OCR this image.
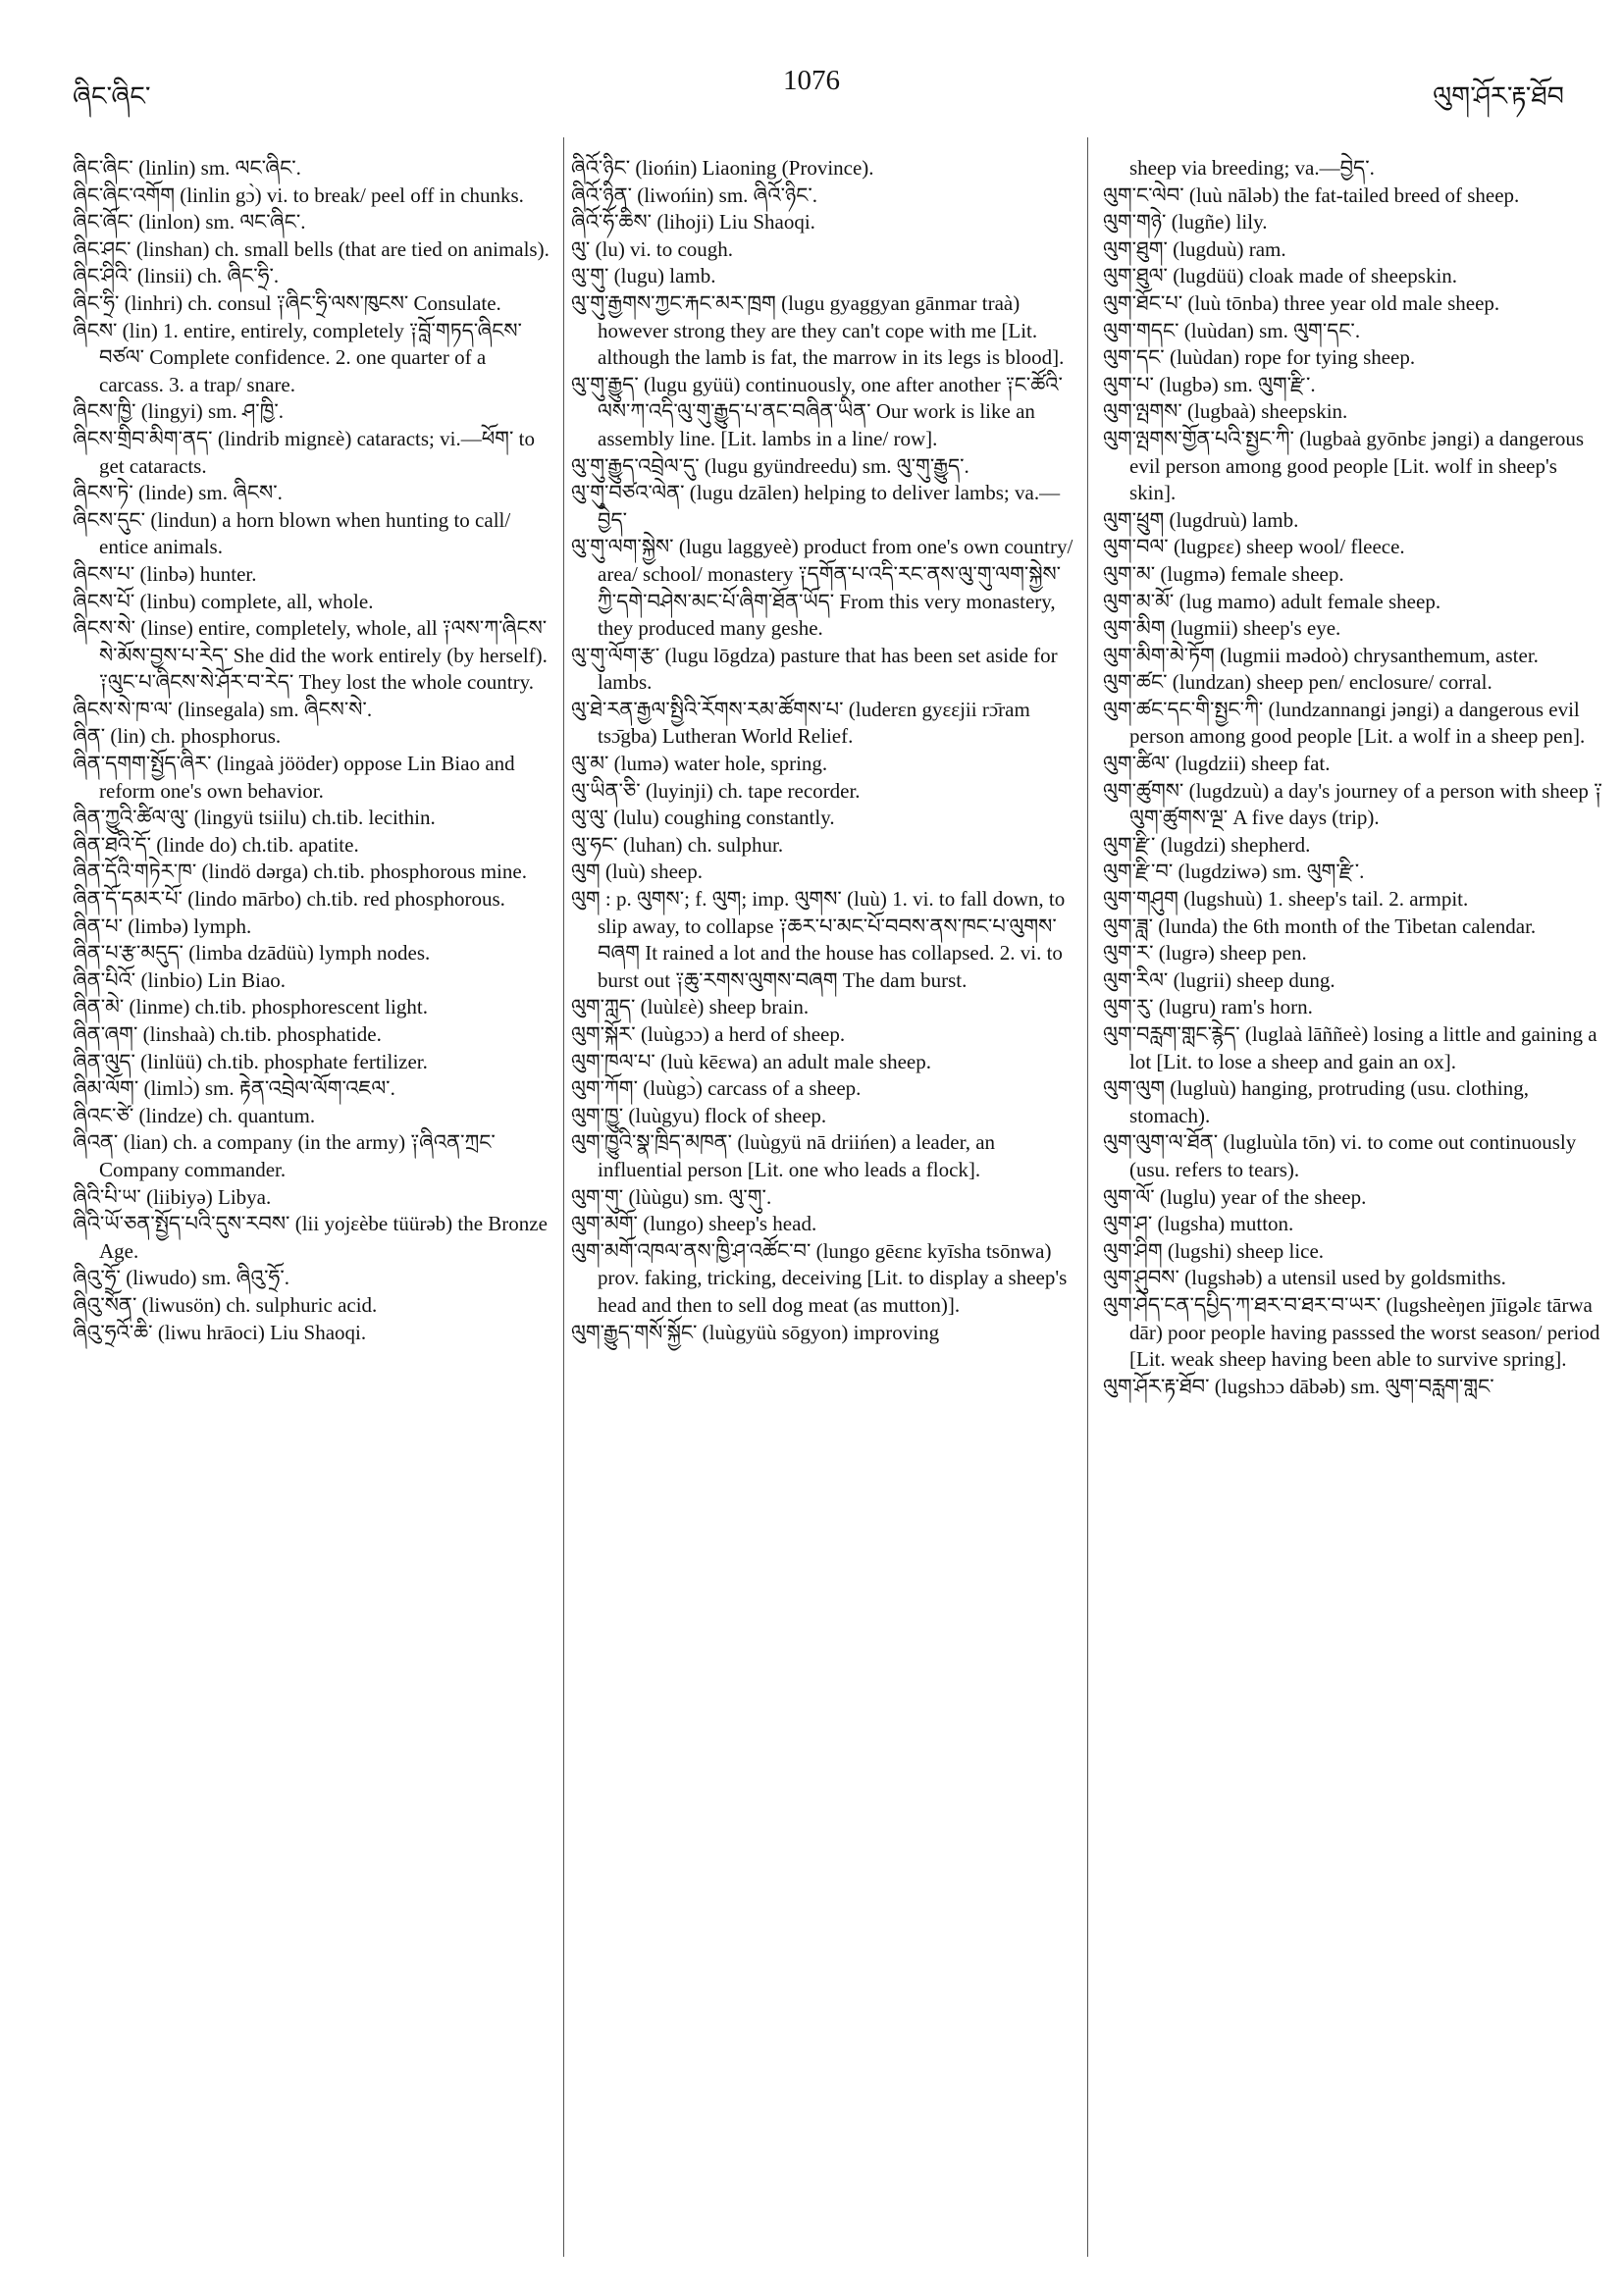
ཞིང་ཞིང་	1076	ལུག་ཤོར་རྟ་ཐོབ
ཞིང་ཞིང་ (linlin) sm. ལང་ཞིང་.
ཞིང་ཞིང་འགོག (linlin gɔ̀) vi. to break/ peel off in chunks.
ཞིང་ཞོང་ (linlon) sm. ལང་ཞིང་.
ཞིང་ཤང་ (linshan) ch. small bells (that are tied on animals).
ཞིང་ཤིའི་ (linsii) ch. ཞིང་ཧྲི་.
ཞིང་ཧྲི་ (linhri) ch. consul ༑ཞིང་ཧྲི་ལས་ཁུངས་ Consulate.
ཞིངས་ (lin) 1. entire, entirely, completely ༑བློ་གཏད་ཞིངས་བཙལ་ Complete confidence. 2. one quarter of a carcass. 3. a trap/ snare.
ཞིངས་ཁྱི་ (lingyi) sm. ཤ་ཁྱི་.
ཞིངས་གྲིབ་མིག་ནད་ (lindrib mignɛè) cataracts; vi.—ཕོག་ to get cataracts.
ཞིངས་ཏེ་ (linde) sm. ཞིངས་.
ཞིངས་དུང་ (lindun) a horn blown when hunting to call/ entice animals.
ཞིངས་པ་ (linbə) hunter.
ཞིངས་པོ་ (linbu) complete, all, whole.
ཞིངས་སེ་ (linse) entire, completely, whole, all ༑ལས་ཀ་ཞིངས་སེ་མོས་བྱས་པ་རེད་ She did the work entirely (by herself). ༑ལུང་པ་ཞིངས་སེ་ཤོར་བ་རེད་ They lost the whole country.
ཞིངས་སེ་ཁ་ལ་ (linsegala) sm. ཞིངས་སེ་.
ཞིན་ (lin) ch. phosphorus.
ཞིན་དགག་སྤྱོད་ཞིར་ (lingaà jööder) oppose Lin Biao and reform one's own behavior.
ཞིན་ཀྱུའི་ཚིལ་ལུ་ (lingyü tsiilu) ch.tib. lecithin.
ཞིན་ཐའི་དོ་ (linde do) ch.tib. apatite.
ཞིན་དོའི་གཏེར་ཁ་ (lindö dərga) ch.tib. phosphorous mine.
ཞིན་དོ་དམར་པོ་ (lindo mārbo) ch.tib. red phosphorous.
ཞིན་པ་ (limbə) lymph.
ཞིན་པ་རྩ་མདུད་ (limba dzādüù) lymph nodes.
ཞིན་པིའོ་ (linbio) Lin Biao.
ཞིན་མེ་ (linme) ch.tib. phosphorescent light.
ཞིན་ཞག་ (linshaà) ch.tib. phosphatide.
ཞིན་ལུད་ (linlüü) ch.tib. phosphate fertilizer.
ཞིམ་ལོག་ (limlɔ̀) sm. རྟེན་འབྲེལ་ལོག་འཇལ་.
ཞིའང་ཙེ་ (lindze) ch. quantum.
ཞིའན་ (lian) ch. a company (in the army) ༑ཞིའན་ཀྲང་ Company commander.
ཞིའི་པི་ཡ་ (liibiyə) Libya.
ཞིའི་ཡོ་ཅན་སྤྱོད་པའི་དུས་རབས་ (lii yojɛèbe tüürəb) the Bronze Age.
ཞིའུ་ཧྲོ་ (liwudo) sm. ཞིའུ་ཧྲོ་.
ཞིའུ་སོན་ (liwusön) ch. sulphuric acid.
ཞིའུ་ཧྲའོ་ཆི་ (liwu hrāoci) Liu Shaoqi.
ཞིའོ་ཉིང་ (liońin) Liaoning (Province).
ཞིའོ་ཉིན་ (liwońin) sm. ཞིའོ་ཉིང་.
ཞིའོ་ཧོ་ཆིས་ (lihoji) Liu Shaoqi.
ལུ་ (lu) vi. to cough.
ལུ་གུ་ (lugu) lamb.
ལུ་གུ་རྒྱགས་ཀྱང་རྐང་མར་ཁྲག (lugu gyaggyan gānmar traà) however strong they are they can't cope with me [Lit. although the lamb is fat, the marrow in its legs is blood].
ལུ་གུ་རྒྱུད་ (lugu gyüü) continuously, one after another ༑ང་ཚོའི་ལས་ཀ་འདི་ལུ་གུ་རྒྱུད་པ་ནང་བཞིན་ཡིན་ Our work is like an assembly line. [Lit. lambs in a line/ row].
ལུ་གུ་རྒྱུད་འབྲེལ་དུ་ (lugu gyündreedu) sm. ལུ་གུ་རྒྱུད་.
ལུ་གུ་བཙའ་ལེན་ (lugu dzālen) helping to deliver lambs; va.—བྱེད་
ལུ་གུ་ལག་སྐྱེས་ (lugu laggyeè) product from one's own country/ area/ school/ monastery ༑དགོན་པ་འདི་རང་ནས་ལུ་གུ་ལག་སྐྱེས་ཀྱི་དགེ་བཤེས་མང་པོ་ཞིག་ཐོན་ཡོད་ From this very monastery, they produced many geshe.
ལུ་གུ་ལོག་རྩ་ (lugu lōgdza) pasture that has been set aside for lambs.
ལུ་ཐེ་རན་རྒྱལ་སྤྱིའི་རོགས་རམ་ཚོགས་པ་ (luderɛn gyɛɛjii rɔ̄ram tsɔ̄gba) Lutheran World Relief.
ལུ་མ་ (lumə) water hole, spring.
ལུ་ཡིན་ཅི་ (luyinji) ch. tape recorder.
ལུ་ལུ་ (lulu) coughing constantly.
ལུ་ཧང་ (luhan) ch. sulphur.
ལུག (luù) sheep.
ལུག : p. ལུགས་; f. ལུག; imp. ལུགས་ (luù) 1. vi. to fall down, to slip away, to collapse ༑ཆར་པ་མང་པོ་བབས་ནས་ཁང་པ་ལུགས་བཞག It rained a lot and the house has collapsed. 2. vi. to burst out ༑ཆུ་རགས་ལུགས་བཞག The dam burst.
ལུག་ཀླད་ (luùlɛè) sheep brain.
ལུག་སྐོར་ (luùgɔɔ) a herd of sheep.
ལུག་ཁལ་པ་ (luù kēɛwa) an adult male sheep.
ལུག་ཀོག་ (luùgɔ̀) carcass of a sheep.
ལུག་ཁྱུ་ (luùgyu) flock of sheep.
ལུག་ཁྱུའི་སྣ་ཁྲིད་མཁན་ (luùgyü nā driińen) a leader, an influential person [Lit. one who leads a flock].
ལུག་གུ་ (lùùgu) sm. ལུ་གུ་.
ལུག་མགོ་ (lungo) sheep's head.
ལུག་མགོ་འཁལ་ནས་ཁྱི་ཤ་འཚོང་བ་ (lungo gēɛnɛ kyīsha tsōnwa) prov. faking, tricking, deceiving [Lit. to display a sheep's head and then to sell dog meat (as mutton)].
ལུག་རྒྱུད་གསོ་སྐྱོང་ (luùgyüù sōgyon) improving
sheep via breeding; va.—བྱེད་.
ལུག་ང་ལེབ་ (luù nāləb) the fat-tailed breed of sheep.
ལུག་གཉེ་ (lugñe) lily.
ལུག་ཐུག་ (lugduù) ram.
ལུག་ཐུལ་ (lugdüü) cloak made of sheepskin.
ལུག་ཐོང་པ་ (luù tōnba) three year old male sheep.
ལུག་གདང་ (luùdan) sm. ལུག་དང་.
ལུག་དང་ (luùdan) rope for tying sheep.
ལུག་པ་ (lugbə) sm. ལུག་རྫི་.
ལུག་ལྤགས་ (lugbaà) sheepskin.
ལུག་ལྤགས་གྱོན་པའི་སྤྱང་ཀི་ (lugbaà gyōnbɛ jəngi) a dangerous evil person among good people [Lit. wolf in sheep's skin].
ལུག་ཕྲུག (lugdruù) lamb.
ལུག་བལ་ (lugpɛɛ) sheep wool/ fleece.
ལུག་མ་ (lugmə) female sheep.
ལུག་མ་མོ་ (lug mamo) adult female sheep.
ལུག་མིག (lugmii) sheep's eye.
ལུག་མིག་མེ་ཏོག (lugmii mədoò) chrysanthemum, aster.
ལུག་ཚང་ (lundzan) sheep pen/ enclosure/ corral.
ལུག་ཚང་དང་གི་སྤྱང་ཀི་ (lundzannangi jəngi) a dangerous evil person among good people [Lit. a wolf in a sheep pen].
ལུག་ཚིལ་ (lugdzii) sheep fat.
ལུག་ཚུགས་ (lugdzuù) a day's journey of a person with sheep ༑ལུག་ཚུགས་ལྔ་ A five days (trip).
ལུག་རྫི་ (lugdzi) shepherd.
ལུག་རྫི་བ་ (lugdziwə) sm. ལུག་རྫི་.
ལུག་གཤུག (lugshuù) 1. sheep's tail. 2. armpit.
ལུག་ཟླ་ (lunda) the 6th month of the Tibetan calendar.
ལུག་ར་ (lugrə) sheep pen.
ལུག་རིལ་ (lugrii) sheep dung.
ལུག་རུ་ (lugru) ram's horn.
ལུག་བརླག་གླང་རྙེད་ (luglaà lāññeè) losing a little and gaining a lot [Lit. to lose a sheep and gain an ox].
ལུག་ལུག (lugluù) hanging, protruding (usu. clothing, stomach).
ལུག་ལུག་ལ་ཐོན་ (lugluùla tōn) vi. to come out continuously (usu. refers to tears).
ལུག་ལོ་ (luglu) year of the sheep.
ལུག་ཤ་ (lugsha) mutton.
ལུག་ཤིག (lugshi) sheep lice.
ལུག་ཤུབས་ (lugshəb) a utensil used by goldsmiths.
ལུག་ཤེད་ངན་དཔྱིད་ཀ་ཐར་བ་ཐར་བ་ཡར་ (lugsheèŋen jīigəlɛ tārwa dār) poor people having passsed the worst season/ period [Lit. weak sheep having been able to survive spring].
ལུག་ཤོར་རྟ་ཐོབ་ (lugshɔɔ dābəb) sm. ལུག་བརླག་གླང་
